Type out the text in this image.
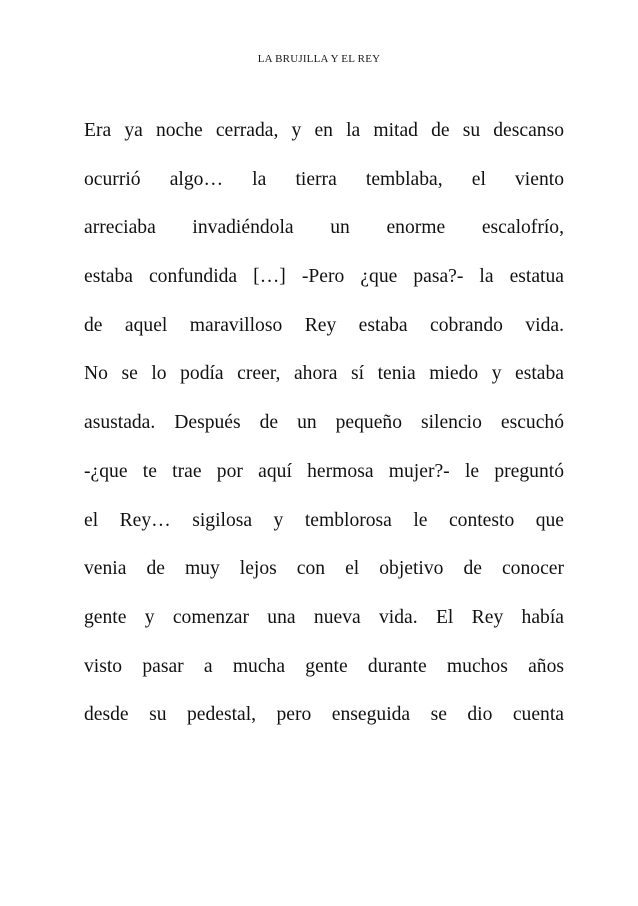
LA BRUJILLA Y EL REY
Era ya noche cerrada, y en la mitad de su descanso
ocurrió algo… la tierra temblaba, el viento
arreciaba invadiéndola un enorme escalofrío,
estaba confundida […] -Pero ¿que pasa?- la estatua
de aquel maravilloso Rey estaba cobrando vida.
No se lo podía creer, ahora sí tenia miedo y estaba
asustada. Después de un pequeño silencio escuchó
-¿que te trae por aquí hermosa mujer?- le preguntó
el Rey… sigilosa y temblorosa le contesto que
venia de muy lejos con el objetivo de conocer
gente y comenzar una nueva vida. El Rey había
visto pasar a mucha gente durante muchos años
desde su pedestal, pero enseguida se dio cuenta
